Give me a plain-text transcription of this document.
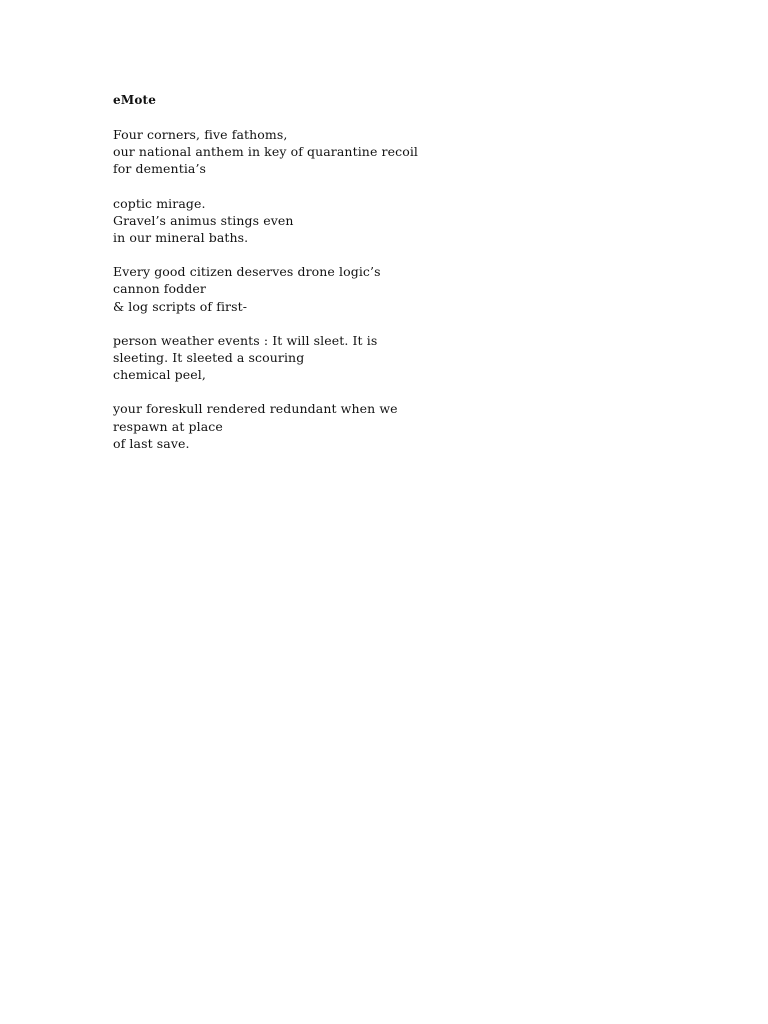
eMote
Four corners, five fathoms,
our national anthem in key of quarantine recoil
for dementia’s
coptic mirage.
Gravel’s animus stings even
in our mineral baths.
Every good citizen deserves drone logic’s
cannon fodder
& log scripts of first-
person weather events : It will sleet. It is
sleeting. It sleeted a scouring
chemical peel,
your foreskull rendered redundant when we
respawn at place
of last save.
